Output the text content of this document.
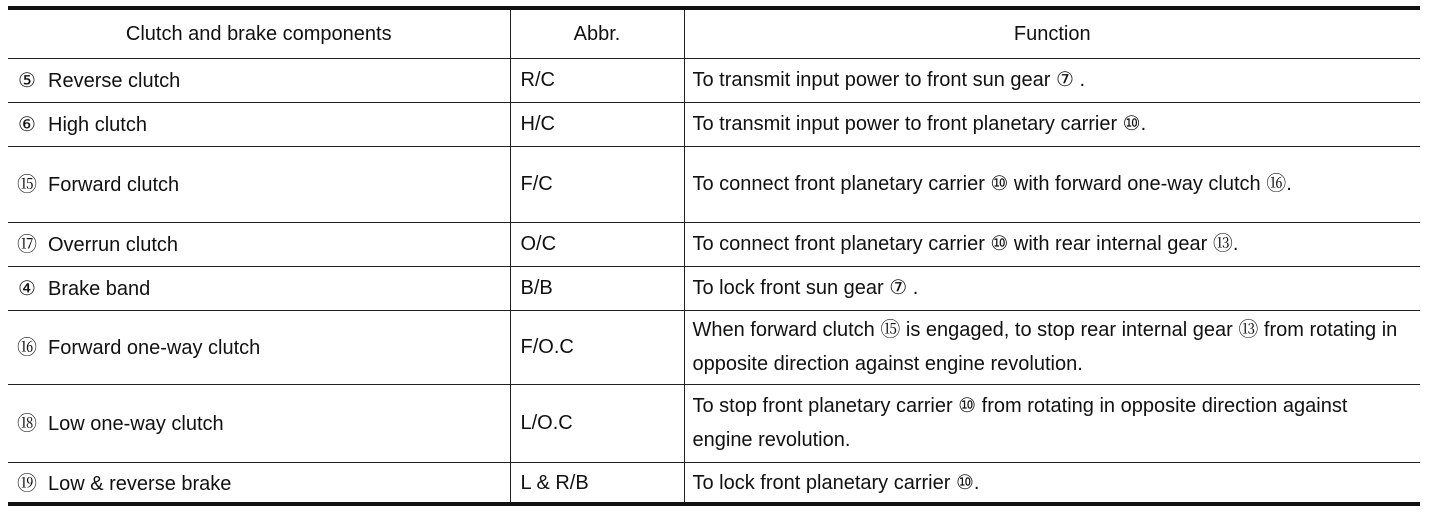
Clutch and brake components	Abbr.	Function
⑤ Reverse clutch	R/C	To transmit input power to front sun gear ⑦ .
⑥ High clutch	H/C	To transmit input power to front planetary carrier ⑩.
⑮ Forward clutch	F/C	To connect front planetary carrier ⑩ with forward one-way clutch ⑯.
⑰ Overrun clutch	O/C	To connect front planetary carrier ⑩ with rear internal gear ⑬.
④ Brake band	B/B	To lock front sun gear ⑦ .
⑯ Forward one-way clutch	F/O.C	When forward clutch ⑮ is engaged, to stop rear internal gear ⑬ from rotating in opposite direction against engine revolution.
⑱ Low one-way clutch	L/O.C	To stop front planetary carrier ⑩ from rotating in opposite direction against engine revolution.
⑲ Low & reverse brake	L & R/B	To lock front planetary carrier ⑩.
